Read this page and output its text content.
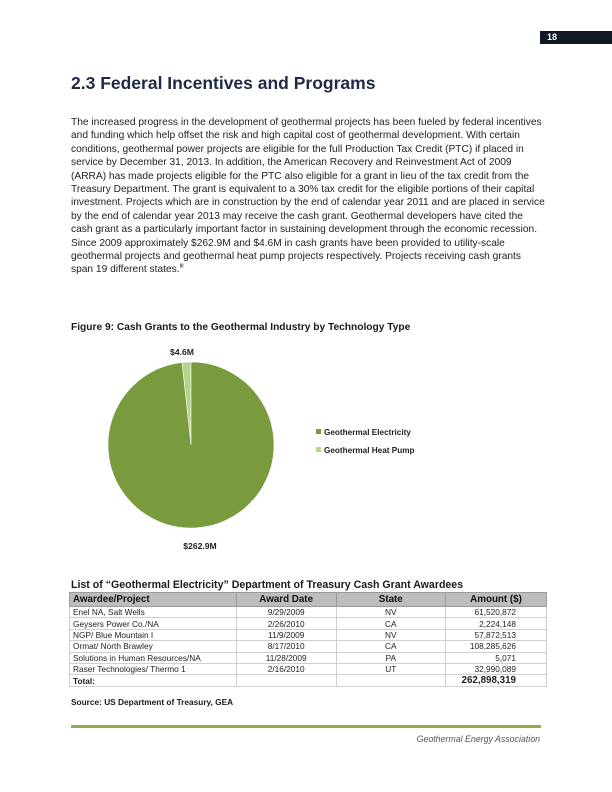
18
2.3 Federal Incentives and Programs

The increased progress in the development of geothermal projects has been fueled by federal incentives and funding which help offset the risk and high capital cost of geothermal development. With certain conditions, geothermal power projects are eligible for the full Production Tax Credit (PTC) if placed in service by December 31, 2013. In addition, the American Recovery and Reinvestment Act of 2009 (ARRA) has made projects eligible for the PTC also eligible for a grant in lieu of the tax credit from the Treasury Department. The grant is equivalent to a 30% tax credit for the eligible portions of their capital investment. Projects which are in construction by the end of calendar year 2011 and are placed in service by the end of calendar year 2013 may receive the cash grant. Geothermal developers have cited the cash grant as a particularly important factor in sustaining development through the economic recession. Since 2009 approximately $262.9M and $4.6M in cash grants have been provided to utility-scale geothermal projects and geothermal heat pump projects respectively. Projects receiving cash grants span 19 different states.$^{iii}$

Figure 9: Cash Grants to the Geothermal Industry by Technology Type
$4.6M
$262.9M
Geothermal Electricity
Geothermal Heat Pump
List of “Geothermal Electricity” Department of Treasury Cash Grant Awardees
Awardee/Project	Award Date	State	Amount ($)
Enel NA, Salt Wells	9/29/2009	NV	61,520,872
Geysers Power Co./NA	2/26/2010	CA	2,224,148
NGP/ Blue Mountain I	11/9/2009	NV	57,872,513
Ormat/ North Brawley	8/17/2010	CA	108,285,626
Solutions in Human Resources/NA	11/28/2009	PA	5,071
Raser Technologies/ Thermo 1	2/16/2010	UT	32,990,089
Total:			262,898,319
Source: US Department of Treasury, GEA
Geothermal Energy Association
